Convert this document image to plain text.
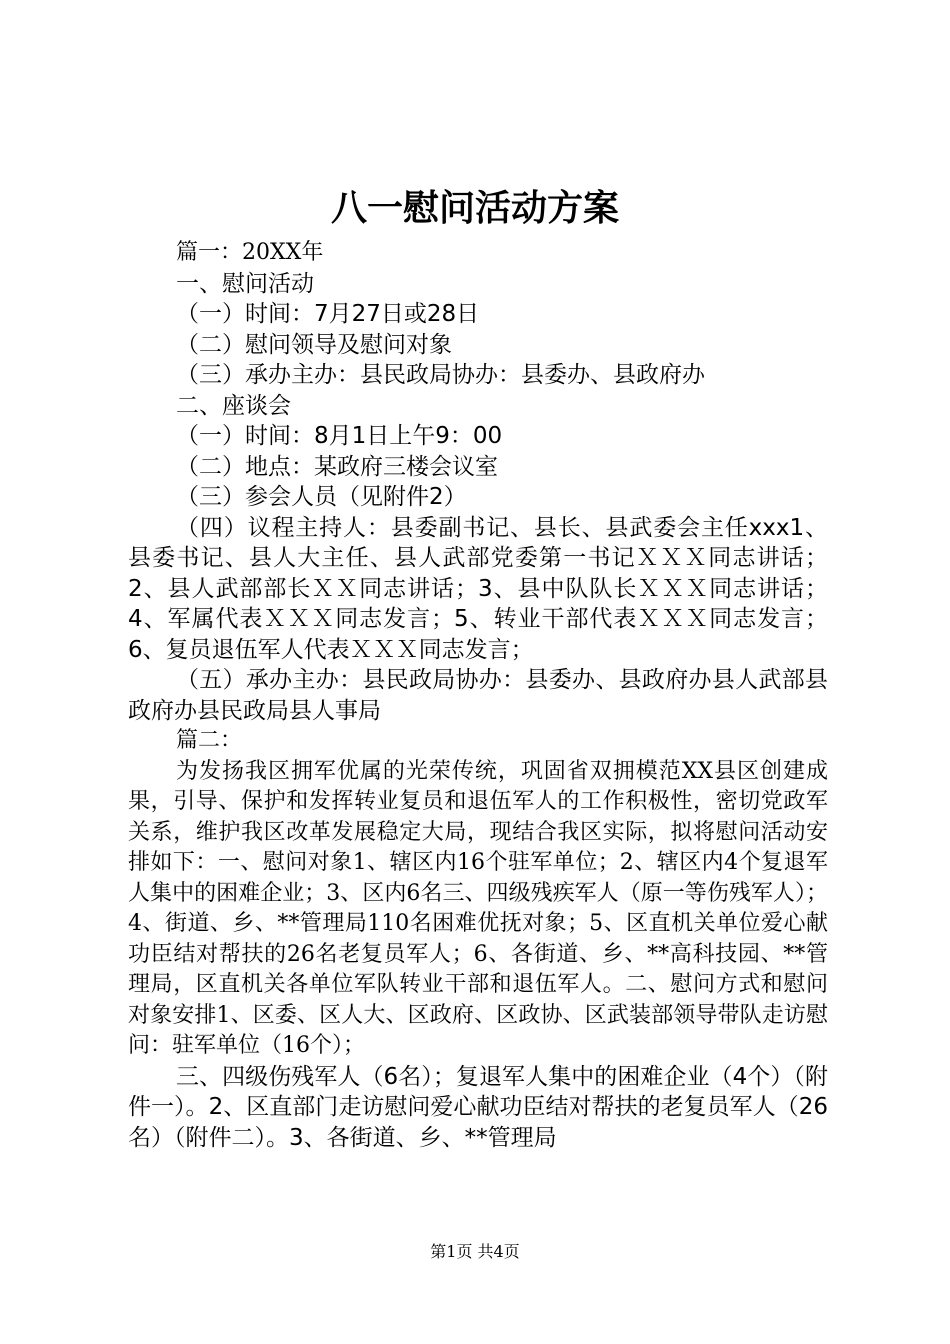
八一慰问活动方案

篇一：20XX年

一、慰问活动

（一）时间：7月27日或28日

（二）慰问领导及慰问对象

（三）承办主办：县民政局协办：县委办、县政府办

二、座谈会

（一）时间：8月1日上午9：00

（二）地点：某政府三楼会议室

（三）参会人员（见附件2）

（四）议程主持人：县委副书记、县长、县武委会主任xxx1、县委书记、县人大主任、县人武部党委第一书记ＸＸＸ同志讲话；2、县人武部部长ＸＸ同志讲话；3、县中队队长ＸＸＸ同志讲话；4、军属代表ＸＸＸ同志发言；5、转业干部代表ＸＸＸ同志发言；6、复员退伍军人代表ＸＸＸ同志发言；

（五）承办主办：县民政局协办：县委办、县政府办县人武部县政府办县民政局县人事局

篇二：

为发扬我区拥军优属的光荣传统，巩固省双拥模范XX县区创建成果，引导、保护和发挥转业复员和退伍军人的工作积极性，密切党政军关系，维护我区改革发展稳定大局，现结合我区实际，拟将慰问活动安排如下：一、慰问对象1、辖区内16个驻军单位；2、辖区内4个复退军人集中的困难企业；3、区内6名三、四级残疾军人（原一等伤残军人）；4、街道、乡、**管理局110名困难优抚对象；5、区直机关单位爱心献功臣结对帮扶的26名老复员军人；6、各街道、乡、**高科技园、**管理局，区直机关各单位军队转业干部和退伍军人。二、慰问方式和慰问对象安排1、区委、区人大、区政府、区政协、区武装部领导带队走访慰问：驻军单位（16个）；

三、四级伤残军人（6名）；复退军人集中的困难企业（4个）（附件一）。2、区直部门走访慰问爱心献功臣结对帮扶的老复员军人（26名）（附件二）。3、各街道、乡、**管理局

第1页 共4页
